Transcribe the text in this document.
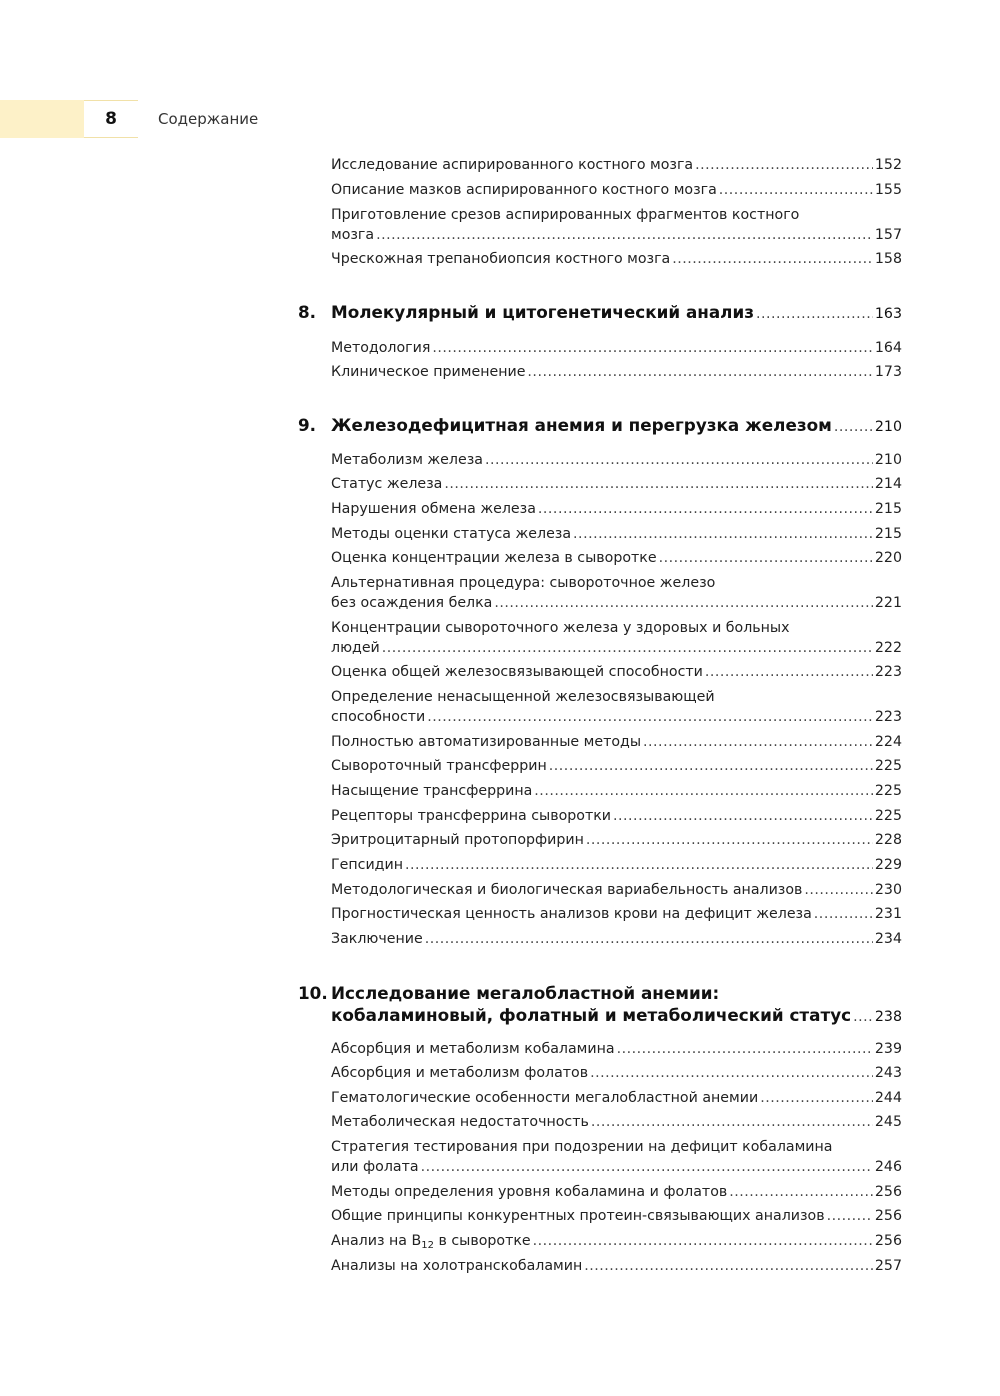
8	Содержание
Исследование аспирированного костного мозга .....	152
Описание мазков аспирированного костного мозга .....	155
Приготовление срезов аспирированных фрагментов костного
мозга .....	157
Чрескожная трепанобиопсия костного мозга .....	158
8. Молекулярный и цитогенетический анализ .....	163
Методология .....	164
Клиническое применение .....	173
9. Железодефицитная анемия и перегрузка железом .....	210
Метаболизм железа .....	210
Статус железа .....	214
Нарушения обмена железа .....	215
Методы оценки статуса железа .....	215
Оценка концентрации железа в сыворотке .....	220
Альтернативная процедура: сывороточное железо
без осаждения белка .....	221
Концентрации сывороточного железа у здоровых и больных
людей .....	222
Оценка общей железосвязывающей способности .....	223
Определение ненасыщенной железосвязывающей
способности .....	223
Полностью автоматизированные методы .....	224
Сывороточный трансферрин .....	225
Насыщение трансферрина .....	225
Рецепторы трансферрина сыворотки .....	225
Эритроцитарный протопорфирин .....	228
Гепсидин .....	229
Методологическая и биологическая вариабельность анализов .....	230
Прогностическая ценность анализов крови на дефицит железа .....	231
Заключение .....	234
10. Исследование мегалобластной анемии:
кобаламиновый, фолатный и метаболический статус ..... 238
Абсорбция и метаболизм кобаламина .....	239
Абсорбция и метаболизм фолатов .....	243
Гематологические особенности мегалобластной анемии .....	244
Метаболическая недостаточность .....	245
Стратегия тестирования при подозрении на дефицит кобаламина
или фолата .....	246
Методы определения уровня кобаламина и фолатов .....	256
Общие принципы конкурентных протеин-связывающих анализов .....	256
Анализ на $B_{12}$ в сыворотке .....	256
Анализы на холотранскобаламин .....	257
